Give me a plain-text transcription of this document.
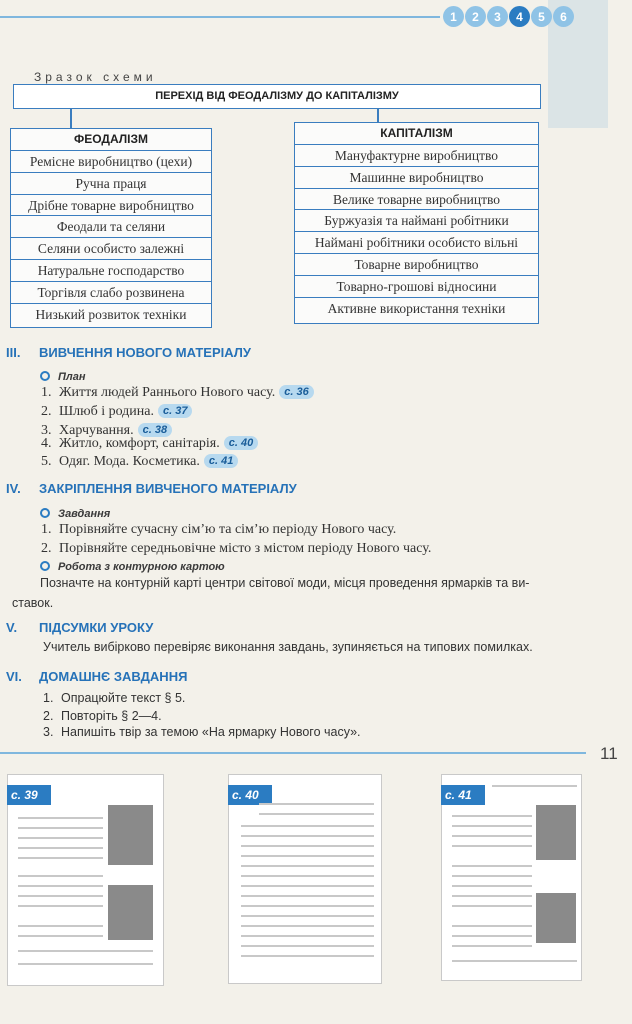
1	2	3	4	5	6
Зразок схеми
ПЕРЕХІД ВІД ФЕОДАЛІЗМУ ДО КАПІТАЛІЗМУ
ФЕОДАЛІЗМ
Ремісне виробництво (цехи)
Ручна праця
Дрібне товарне виробництво
Феодали та селяни
Селяни особисто залежні
Натуральне господарство
Торгівля слабо розвинена
Низький розвиток техніки
КАПІТАЛІЗМ
Мануфактурне виробництво
Машинне виробництво
Велике товарне виробництво
Буржуазія та наймані робітники
Наймані робітники особисто вільні
Товарне виробництво
Товарно-грошові відносини
Активне використання техніки
III. ВИВЧЕННЯ НОВОГО МАТЕРІАЛУ
План
1. Життя людей Раннього Нового часу. с. 36
2. Шлюб і родина. с. 37
3. Харчування. с. 38
4. Житло, комфорт, санітарія. с. 40
5. Одяг. Мода. Косметика. с. 41
IV. ЗАКРІПЛЕННЯ ВИВЧЕНОГО МАТЕРІАЛУ
Завдання
1. Порівняйте сучасну сім’ю та сім’ю періоду Нового часу.
2. Порівняйте середньовічне місто з містом періоду Нового часу.
Робота з контурною картою
Позначте на контурній карті центри світової моди, місця проведення ярмарків та ви-
ставок.
V. ПІДСУМКИ УРОКУ
Учитель вибірково перевіряє виконання завдань, зупиняється на типових помилках.
VI. ДОМАШНЄ ЗАВДАННЯ
1. Опрацюйте текст § 5.
2. Повторіть § 2—4.
3. Напишіть твір за темою «На ярмарку Нового часу».
11
с. 39	с. 40	с. 41
